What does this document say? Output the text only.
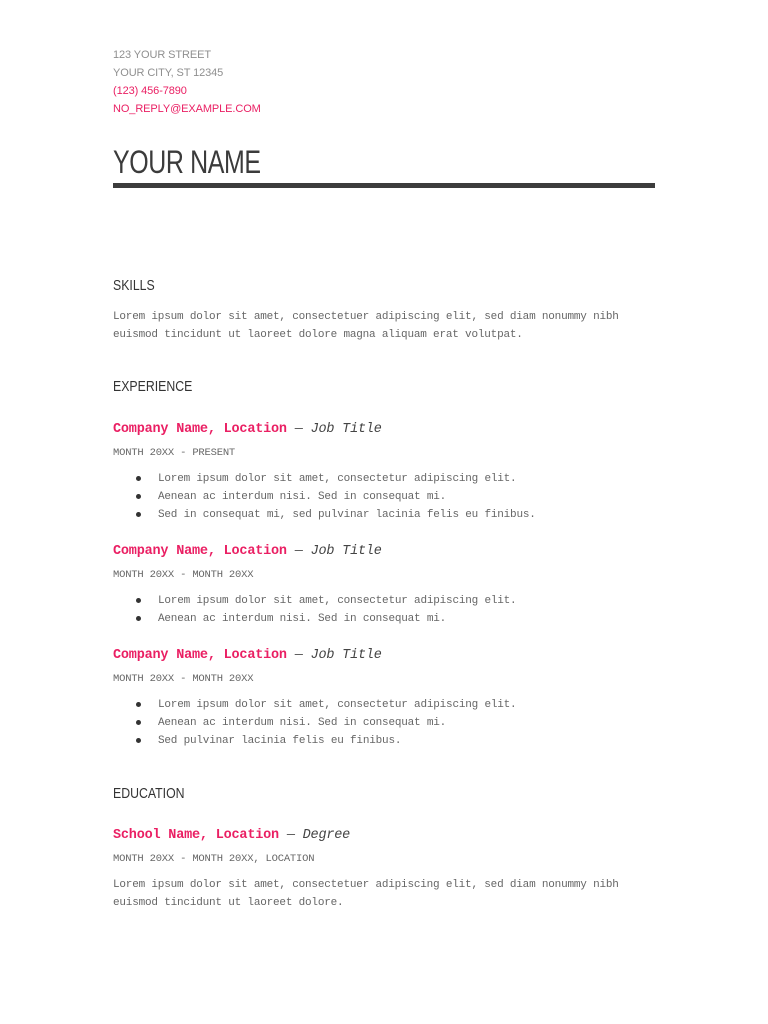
123 YOUR STREET
YOUR CITY, ST 12345
(123) 456-7890
NO_REPLY@EXAMPLE.COM
YOUR NAME
SKILLS
Lorem ipsum dolor sit amet, consectetuer adipiscing elit, sed diam nonummy nibh
euismod tincidunt ut laoreet dolore magna aliquam erat volutpat.
EXPERIENCE
Company Name, Location — Job Title
MONTH 20XX - PRESENT
Lorem ipsum dolor sit amet, consectetur adipiscing elit.
Aenean ac interdum nisi. Sed in consequat mi.
Sed in consequat mi, sed pulvinar lacinia felis eu finibus.
Company Name, Location — Job Title
MONTH 20XX - MONTH 20XX
Lorem ipsum dolor sit amet, consectetur adipiscing elit.
Aenean ac interdum nisi. Sed in consequat mi.
Company Name, Location — Job Title
MONTH 20XX - MONTH 20XX
Lorem ipsum dolor sit amet, consectetur adipiscing elit.
Aenean ac interdum nisi. Sed in consequat mi.
Sed pulvinar lacinia felis eu finibus.
EDUCATION
School Name, Location — Degree
MONTH 20XX - MONTH 20XX, LOCATION
Lorem ipsum dolor sit amet, consectetuer adipiscing elit, sed diam nonummy nibh
euismod tincidunt ut laoreet dolore.
